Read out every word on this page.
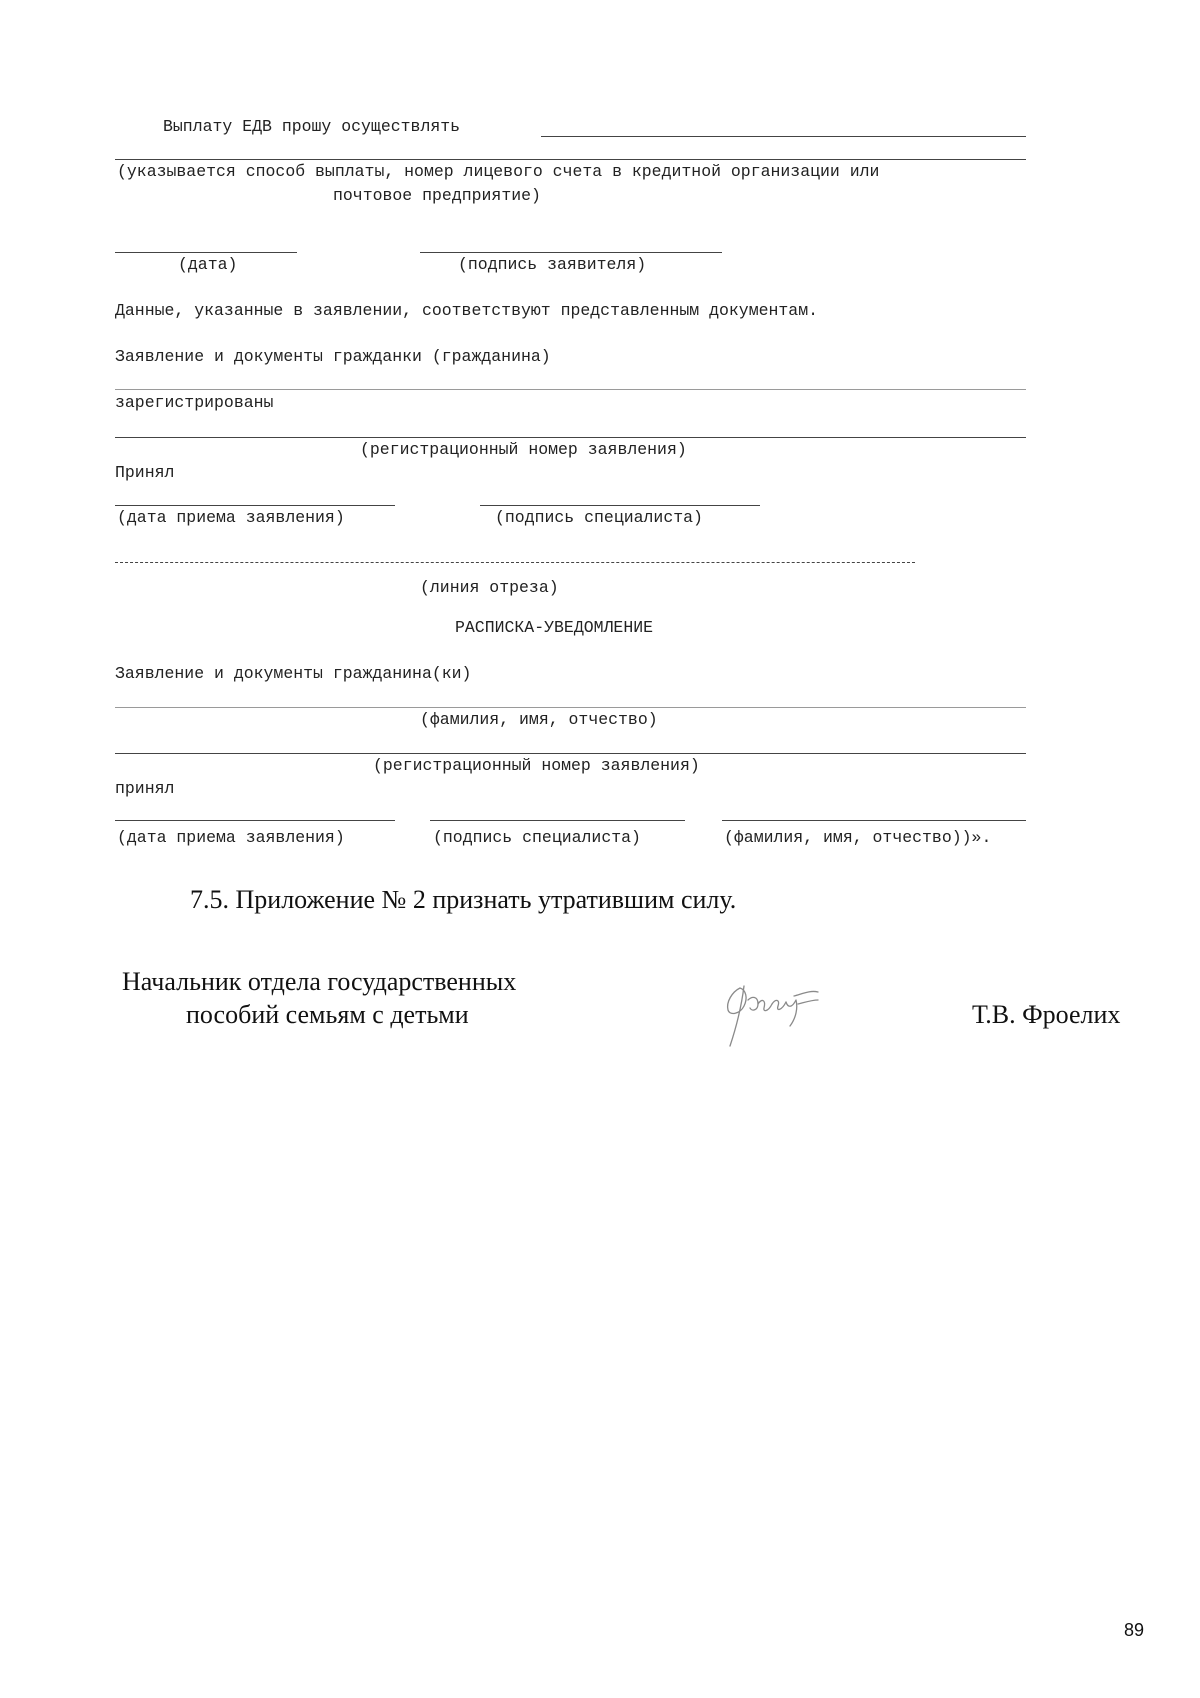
Выплату ЕДВ прошу осуществлять
(указывается способ выплаты, номер лицевого счета в кредитной организации или
почтовое предприятие)
(дата)	(подпись заявителя)
Данные, указанные в заявлении, соответствуют представленным документам.
Заявление и документы гражданки (гражданина)
зарегистрированы
(регистрационный номер заявления)
Принял
(дата приема заявления)	(подпись специалиста)
(линия отреза)
РАСПИСКА-УВЕДОМЛЕНИЕ
Заявление и документы гражданина(ки)
(фамилия, имя, отчество)
(регистрационный номер заявления)
принял
(дата приема заявления)	(подпись специалиста)	(фамилия, имя, отчество))».
7.5. Приложение № 2 признать утратившим силу.
Начальник отдела государственных
пособий семьям с детьми	Т.В. Фроелих
89
